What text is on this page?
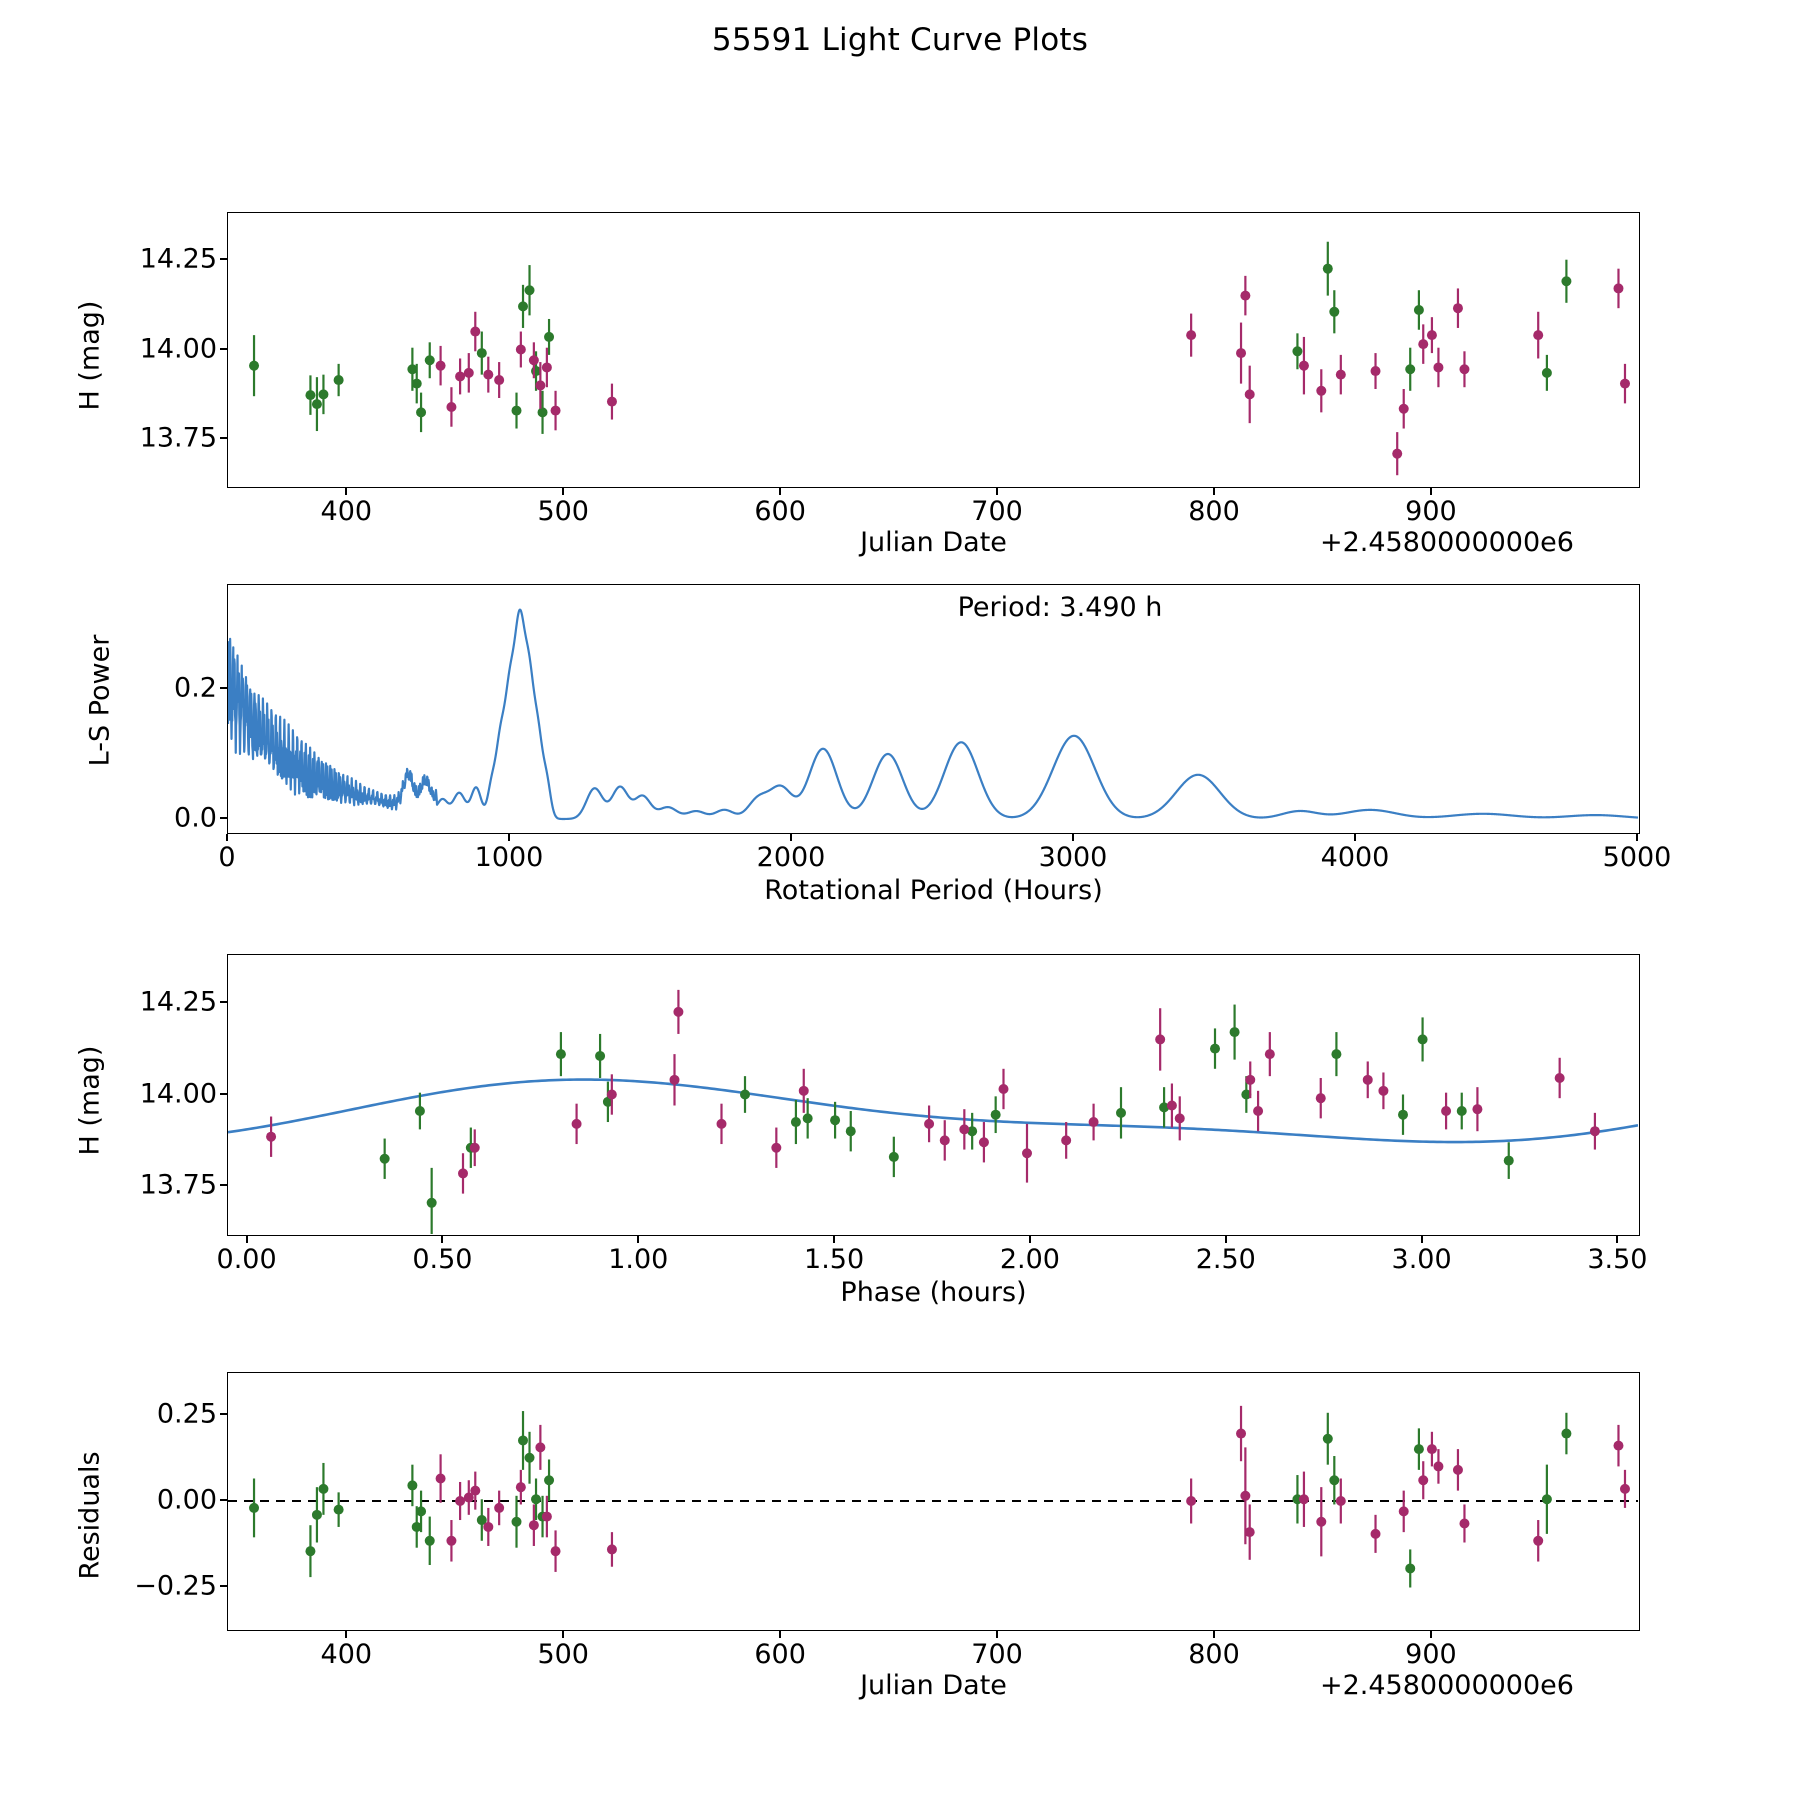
55591 Light Curve Plots
H (mag)
Julian Date	+2.4580000000e6
400	500	600	700	800	900
13.75
14.00
14.25
Period: 3.490 h
L-S Power
Rotational Period (Hours)
0	1000	2000	3000	4000	5000
0.0
0.2
H (mag)
Phase (hours)
0.00	0.50	1.00	1.50	2.00	2.50	3.00	3.50
13.75
14.00
14.25
Residuals
Julian Date	+2.4580000000e6
400	500	600	700	800	900
−0.25
0.00
0.25
